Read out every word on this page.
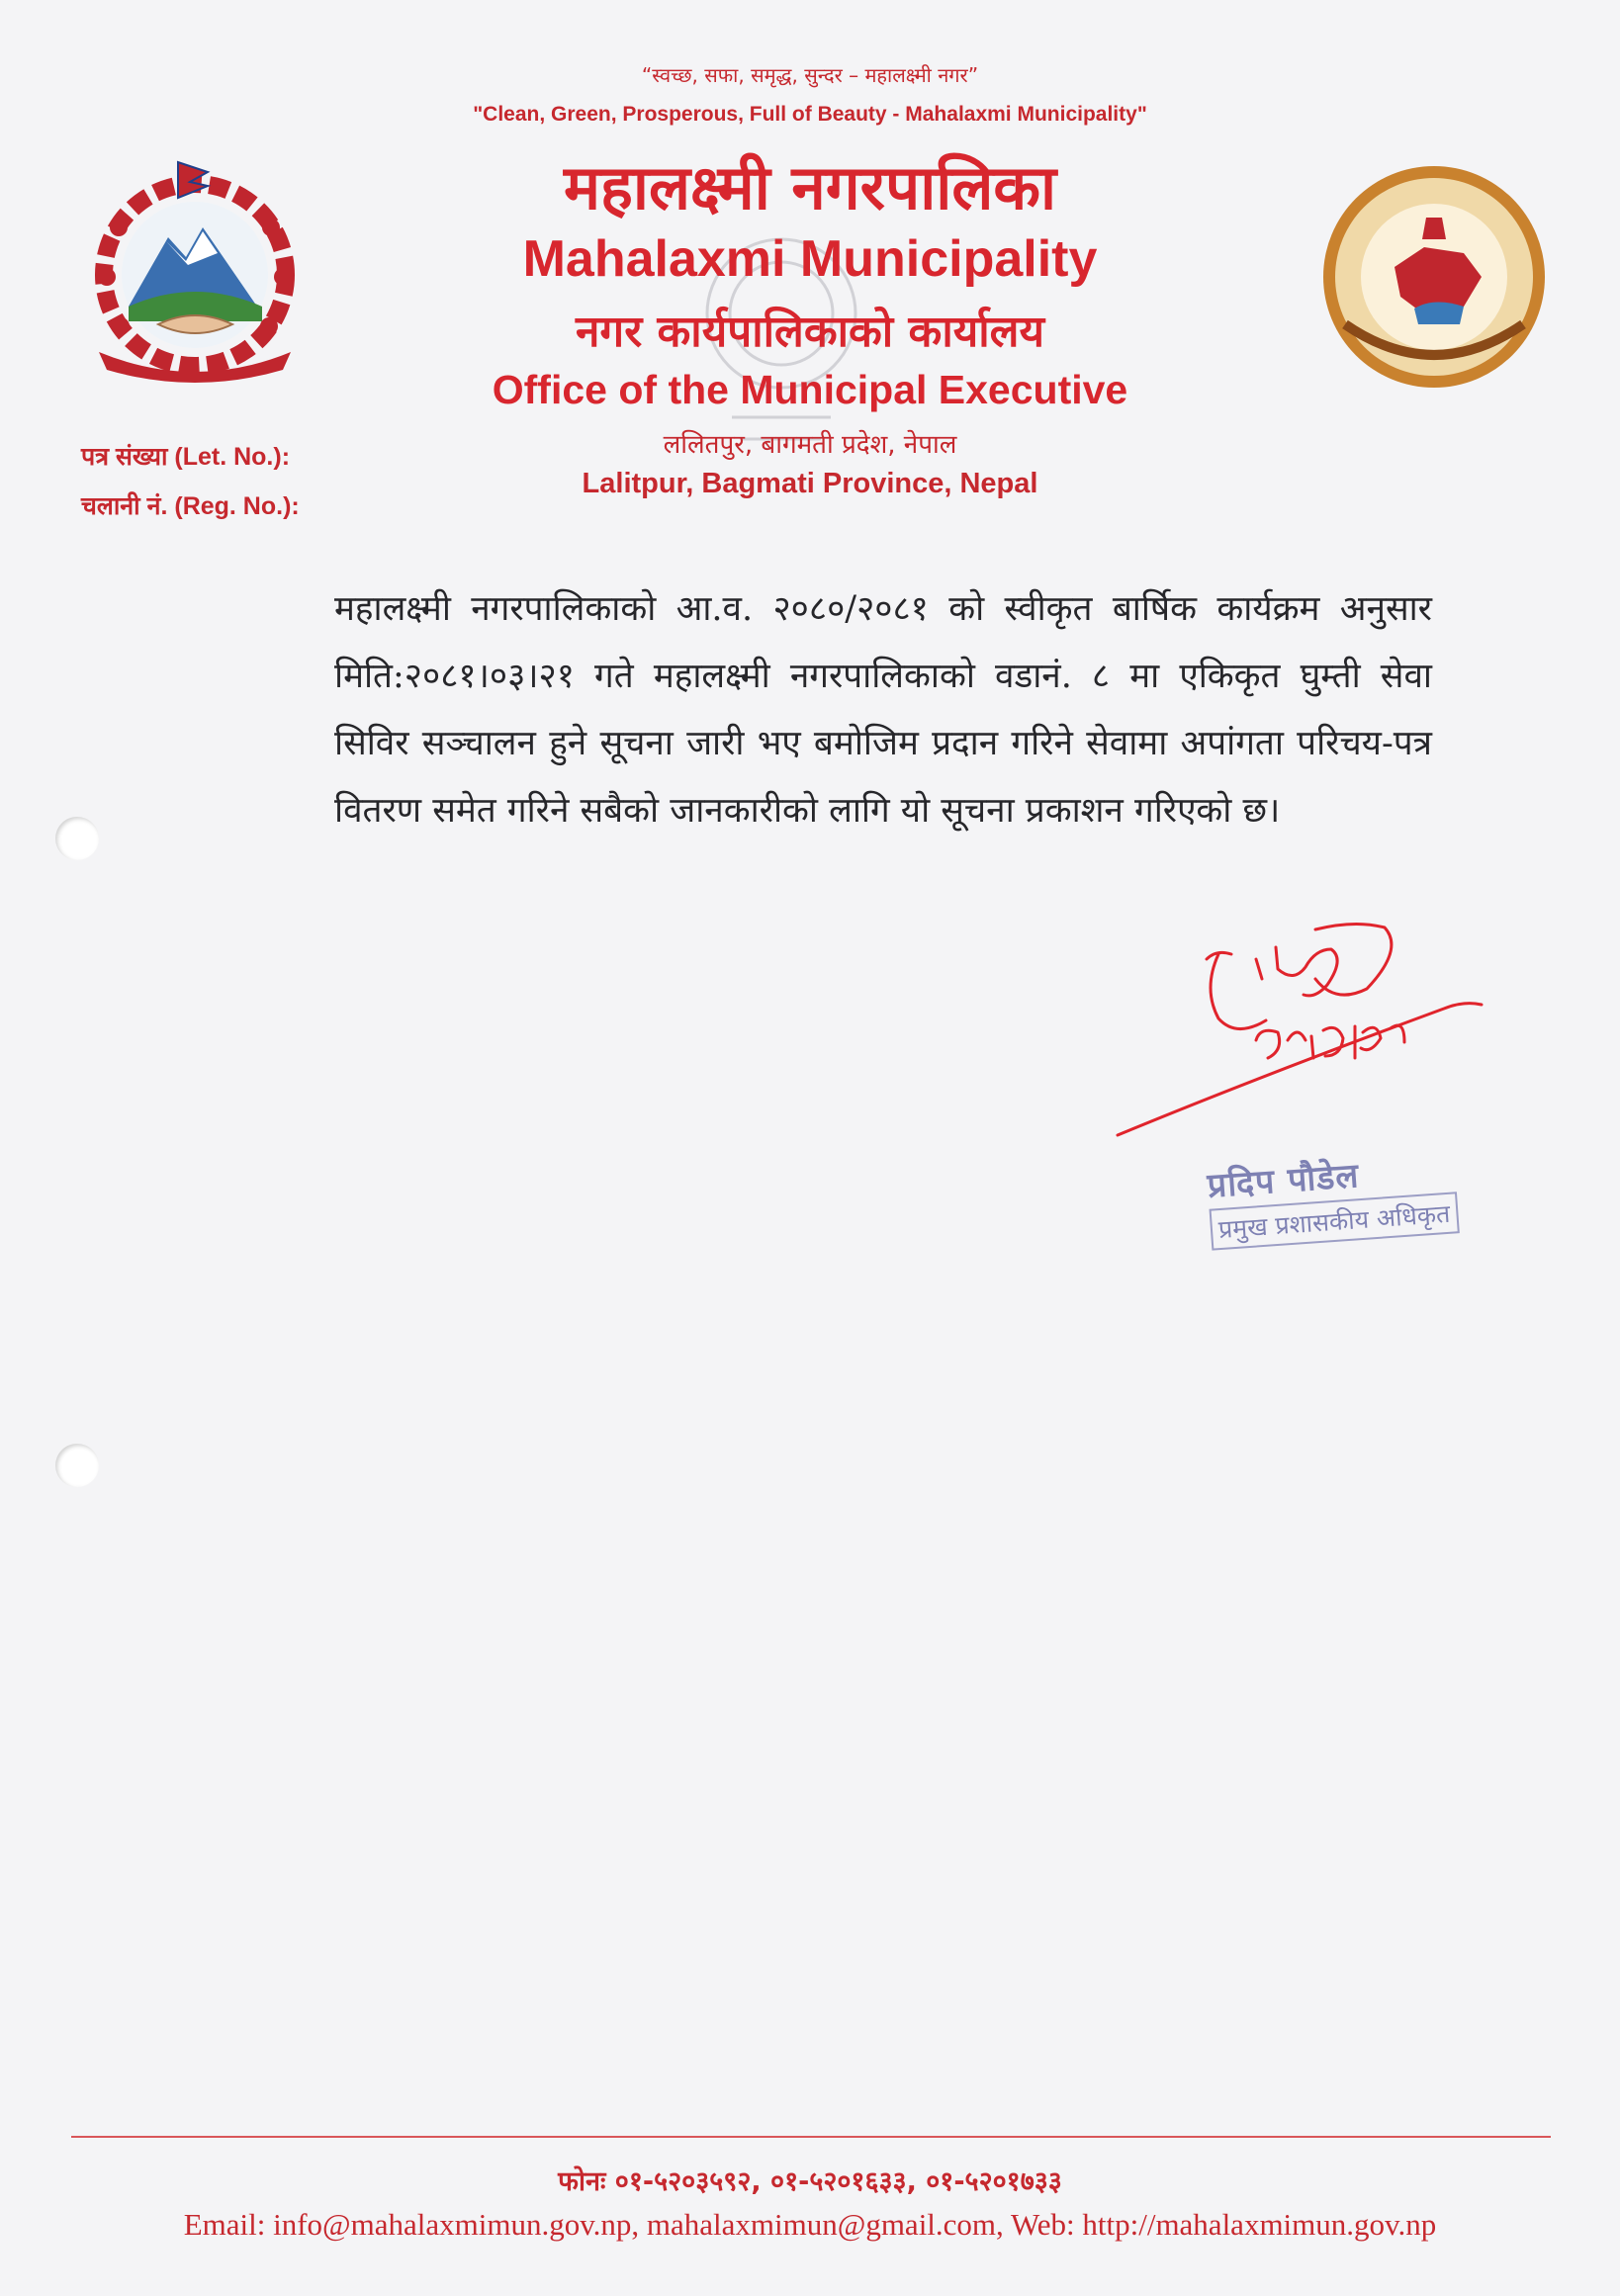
“स्वच्छ, सफा, समृद्ध, सुन्दर – महालक्ष्मी नगर”
"Clean, Green, Prosperous, Full of Beauty - Mahalaxmi Municipality"
महालक्ष्मी नगरपालिका
Mahalaxmi Municipality
नगर कार्यपालिकाको कार्यालय
Office of the Municipal Executive
ललितपुर, बागमती प्रदेश, नेपाल
Lalitpur, Bagmati Province, Nepal
पत्र संख्या (Let. No.):
चलानी नं. (Reg. No.):
महालक्ष्मी नगरपालिकाको आ.व. २०८०/२०८१ को स्वीकृत बार्षिक कार्यक्रम अनुसार मिति:२०८१।०३।२१ गते महालक्ष्मी नगरपालिकाको वडानं. ८ मा एकिकृत घुम्ती सेवा सिविर सञ्चालन हुने सूचना जारी भए बमोजिम प्रदान गरिने सेवामा अपांगता परिचय-पत्र वितरण समेत गरिने सबैको जानकारीको लागि यो सूचना प्रकाशन गरिएको छ।
प्रदिप पौडेल
प्रमुख प्रशासकीय अधिकृत
फोनः ०१-५२०३५९२, ०१-५२०१६३३, ०१-५२०१७३३
Email: info@mahalaxmimun.gov.np, mahalaxmimun@gmail.com, Web: http://mahalaxmimun.gov.np
